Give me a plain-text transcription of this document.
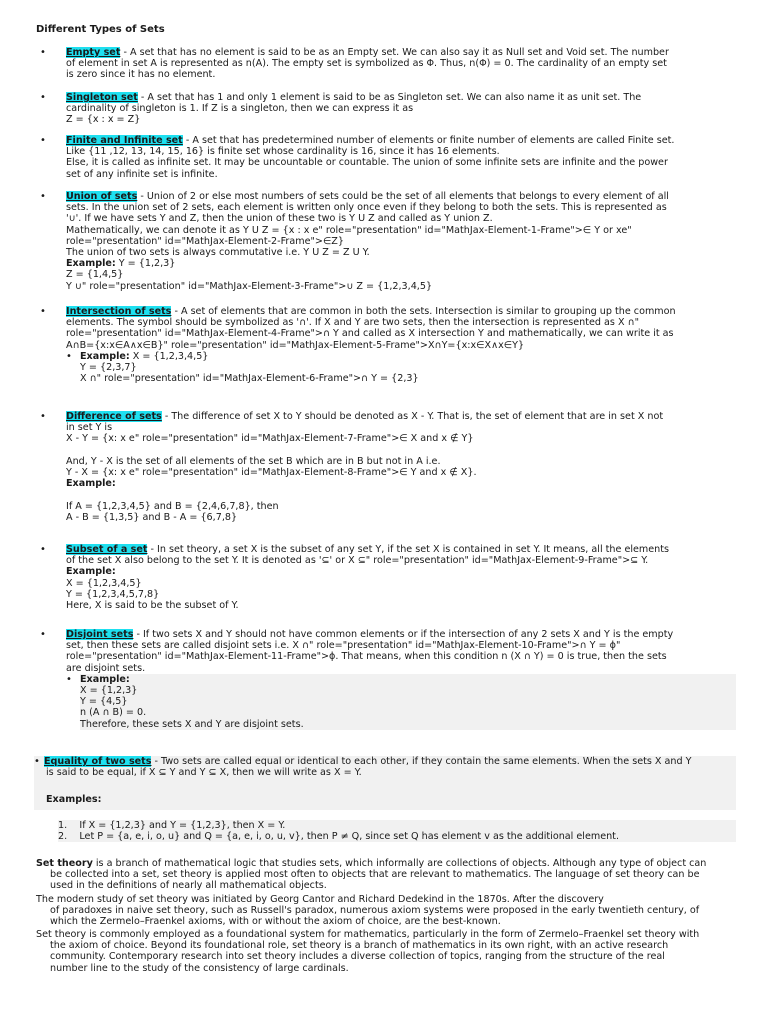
Different Types of Sets
• Empty set - A set that has no element is said to be as an Empty set. We can also say it as Null set and Void set. The number
of element in set A is represented as n(A). The empty set is symbolized as Φ. Thus, n(Φ) = 0. The cardinality of an empty set
is zero since it has no element.
• Singleton set - A set that has 1 and only 1 element is said to be as Singleton set. We can also name it as unit set. The
cardinality of singleton is 1. If Z is a singleton, then we can express it as
Z = {x : x = Z}
• Finite and Infinite set - A set that has predetermined number of elements or finite number of elements are called Finite set.
Like {11 ,12, 13, 14, 15, 16} is finite set whose cardinality is 16, since it has 16 elements.
Else, it is called as infinite set. It may be uncountable or countable. The union of some infinite sets are infinite and the power
set of any infinite set is infinite.
• Union of sets - Union of 2 or else most numbers of sets could be the set of all elements that belongs to every element of all
sets. In the union set of 2 sets, each element is written only once even if they belong to both the sets. This is represented as
'∪'. If we have sets Y and Z, then the union of these two is Y U Z and called as Y union Z.
Mathematically, we can denote it as Y U Z = {x : x e" role="presentation" id="MathJax-Element-1-Frame">∈ Y or xe"
role="presentation" id="MathJax-Element-2-Frame">∈Z}
The union of two sets is always commutative i.e. Y U Z = Z U Y.
Example: Y = {1,2,3}
Z = {1,4,5}
Y ∪" role="presentation" id="MathJax-Element-3-Frame">∪ Z = {1,2,3,4,5}
• Intersection of sets - A set of elements that are common in both the sets. Intersection is similar to grouping up the common
elements. The symbol should be symbolized as '∩'. If X and Y are two sets, then the intersection is represented as X ∩"
role="presentation" id="MathJax-Element-4-Frame">∩ Y and called as X intersection Y and mathematically, we can write it as
A∩B={x:x∈A∧x∈B}" role="presentation" id="MathJax-Element-5-Frame">X∩Y={x:x∈X∧x∈Y}
• Example: X = {1,2,3,4,5}
Y = {2,3,7}
X ∩" role="presentation" id="MathJax-Element-6-Frame">∩ Y = {2,3}
• Difference of sets - The difference of set X to Y should be denoted as X - Y. That is, the set of element that are in set X not
in set Y is
X - Y = {x: x e" role="presentation" id="MathJax-Element-7-Frame">∈ X and x ∉ Y}
And, Y - X is the set of all elements of the set B which are in B but not in A i.e.
Y - X = {x: x e" role="presentation" id="MathJax-Element-8-Frame">∈ Y and x ∉ X}.
Example:
If A = {1,2,3,4,5} and B = {2,4,6,7,8}, then
A - B = {1,3,5} and B - A = {6,7,8}
• Subset of a set - In set theory, a set X is the subset of any set Y, if the set X is contained in set Y. It means, all the elements
of the set X also belong to the set Y. It is denoted as '⊆' or X ⊆" role="presentation" id="MathJax-Element-9-Frame">⊆ Y.
Example:
X = {1,2,3,4,5}
Y = {1,2,3,4,5,7,8}
Here, X is said to be the subset of Y.
• Disjoint sets - If two sets X and Y should not have common elements or if the intersection of any 2 sets X and Y is the empty
set, then these sets are called disjoint sets i.e. X ∩" role="presentation" id="MathJax-Element-10-Frame">∩ Y = ϕ"
role="presentation" id="MathJax-Element-11-Frame">ϕ. That means, when this condition n (X ∩ Y) = 0 is true, then the sets
are disjoint sets.
• Example:
X = {1,2,3}
Y = {4,5}
n (A ∩ B) = 0.
Therefore, these sets X and Y are disjoint sets.
• Equality of two sets - Two sets are called equal or identical to each other, if they contain the same elements. When the sets X and Y
is said to be equal, if X ⊆ Y and Y ⊆ X, then we will write as X = Y.
Examples:
1. If X = {1,2,3} and Y = {1,2,3}, then X = Y.
2. Let P = {a, e, i, o, u} and Q = {a, e, i, o, u, v}, then P ≠ Q, since set Q has element v as the additional element.
Set theory is a branch of mathematical logic that studies sets, which informally are collections of objects. Although any type of object can
be collected into a set, set theory is applied most often to objects that are relevant to mathematics. The language of set theory can be
used in the definitions of nearly all mathematical objects.
The modern study of set theory was initiated by Georg Cantor and Richard Dedekind in the 1870s. After the discovery
of paradoxes in naive set theory, such as Russell's paradox, numerous axiom systems were proposed in the early twentieth century, of
which the Zermelo–Fraenkel axioms, with or without the axiom of choice, are the best-known.
Set theory is commonly employed as a foundational system for mathematics, particularly in the form of Zermelo–Fraenkel set theory with
the axiom of choice. Beyond its foundational role, set theory is a branch of mathematics in its own right, with an active research
community. Contemporary research into set theory includes a diverse collection of topics, ranging from the structure of the real
number line to the study of the consistency of large cardinals.
